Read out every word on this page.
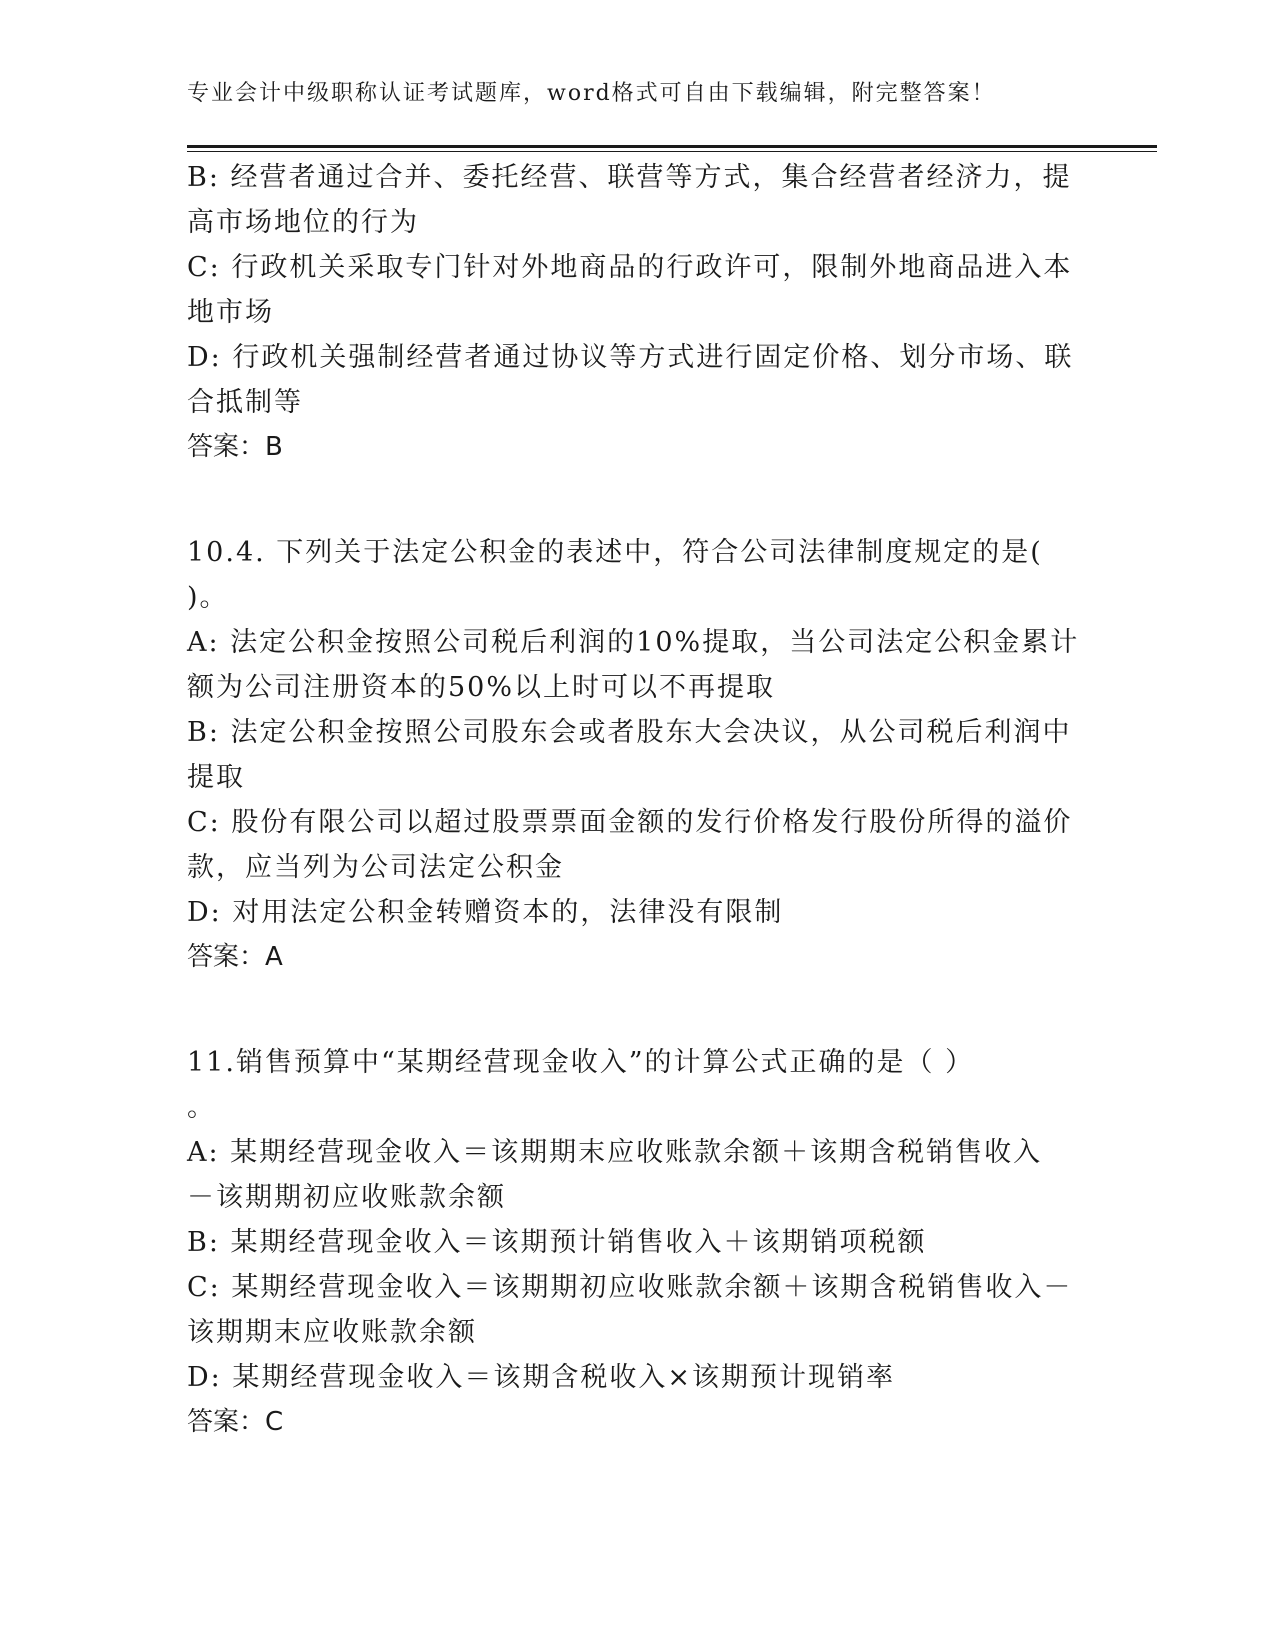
专业会计中级职称认证考试题库，word格式可自由下载编辑，附完整答案！
B: 经营者通过合并、委托经营、联营等方式，集合经营者经济力，提
高市场地位的行为
C: 行政机关采取专门针对外地商品的行政许可，限制外地商品进入本
地市场
D: 行政机关强制经营者通过协议等方式进行固定价格、划分市场、联
合抵制等
答案：B
10.4. 下列关于法定公积金的表述中，符合公司法律制度规定的是(
)。
A: 法定公积金按照公司税后利润的10%提取，当公司法定公积金累计
额为公司注册资本的50%以上时可以不再提取
B: 法定公积金按照公司股东会或者股东大会决议，从公司税后利润中
提取
C: 股份有限公司以超过股票票面金额的发行价格发行股份所得的溢价
款，应当列为公司法定公积金
D: 对用法定公积金转赠资本的，法律没有限制
答案：A
11.销售预算中“某期经营现金收入”的计算公式正确的是（ ）
。
A: 某期经营现金收入＝该期期末应收账款余额＋该期含税销售收入
－该期期初应收账款余额
B: 某期经营现金收入＝该期预计销售收入＋该期销项税额
C: 某期经营现金收入＝该期期初应收账款余额＋该期含税销售收入－
该期期末应收账款余额
D: 某期经营现金收入＝该期含税收入×该期预计现销率
答案：C
